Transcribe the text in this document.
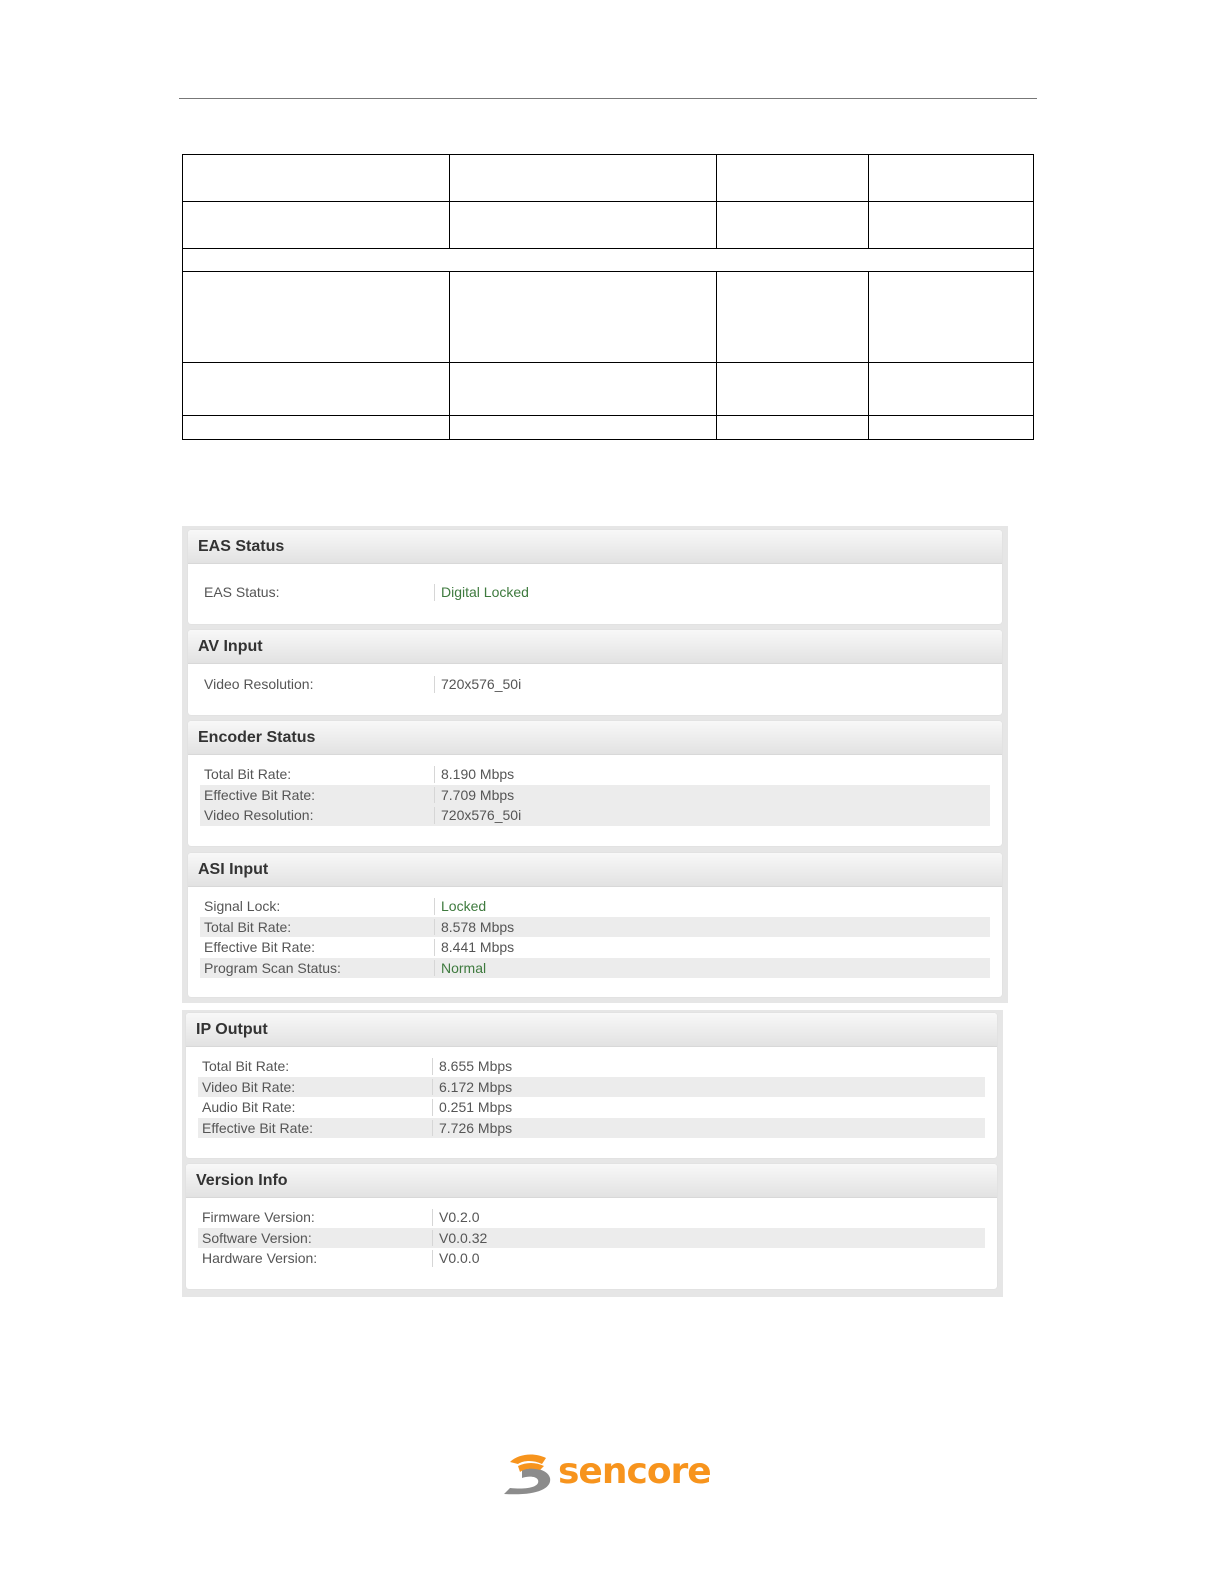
EAS Status
EAS Status:	Digital Locked
AV Input
Video Resolution:	720x576_50i
Encoder Status
Total Bit Rate:	8.190 Mbps
Effective Bit Rate:	7.709 Mbps
Video Resolution:	720x576_50i
ASI Input
Signal Lock:	Locked
Total Bit Rate:	8.578 Mbps
Effective Bit Rate:	8.441 Mbps
Program Scan Status:	Normal
IP Output
Total Bit Rate:	8.655 Mbps
Video Bit Rate:	6.172 Mbps
Audio Bit Rate:	0.251 Mbps
Effective Bit Rate:	7.726 Mbps
Version Info
Firmware Version:	V0.2.0
Software Version:	V0.0.32
Hardware Version:	V0.0.0
sencore
